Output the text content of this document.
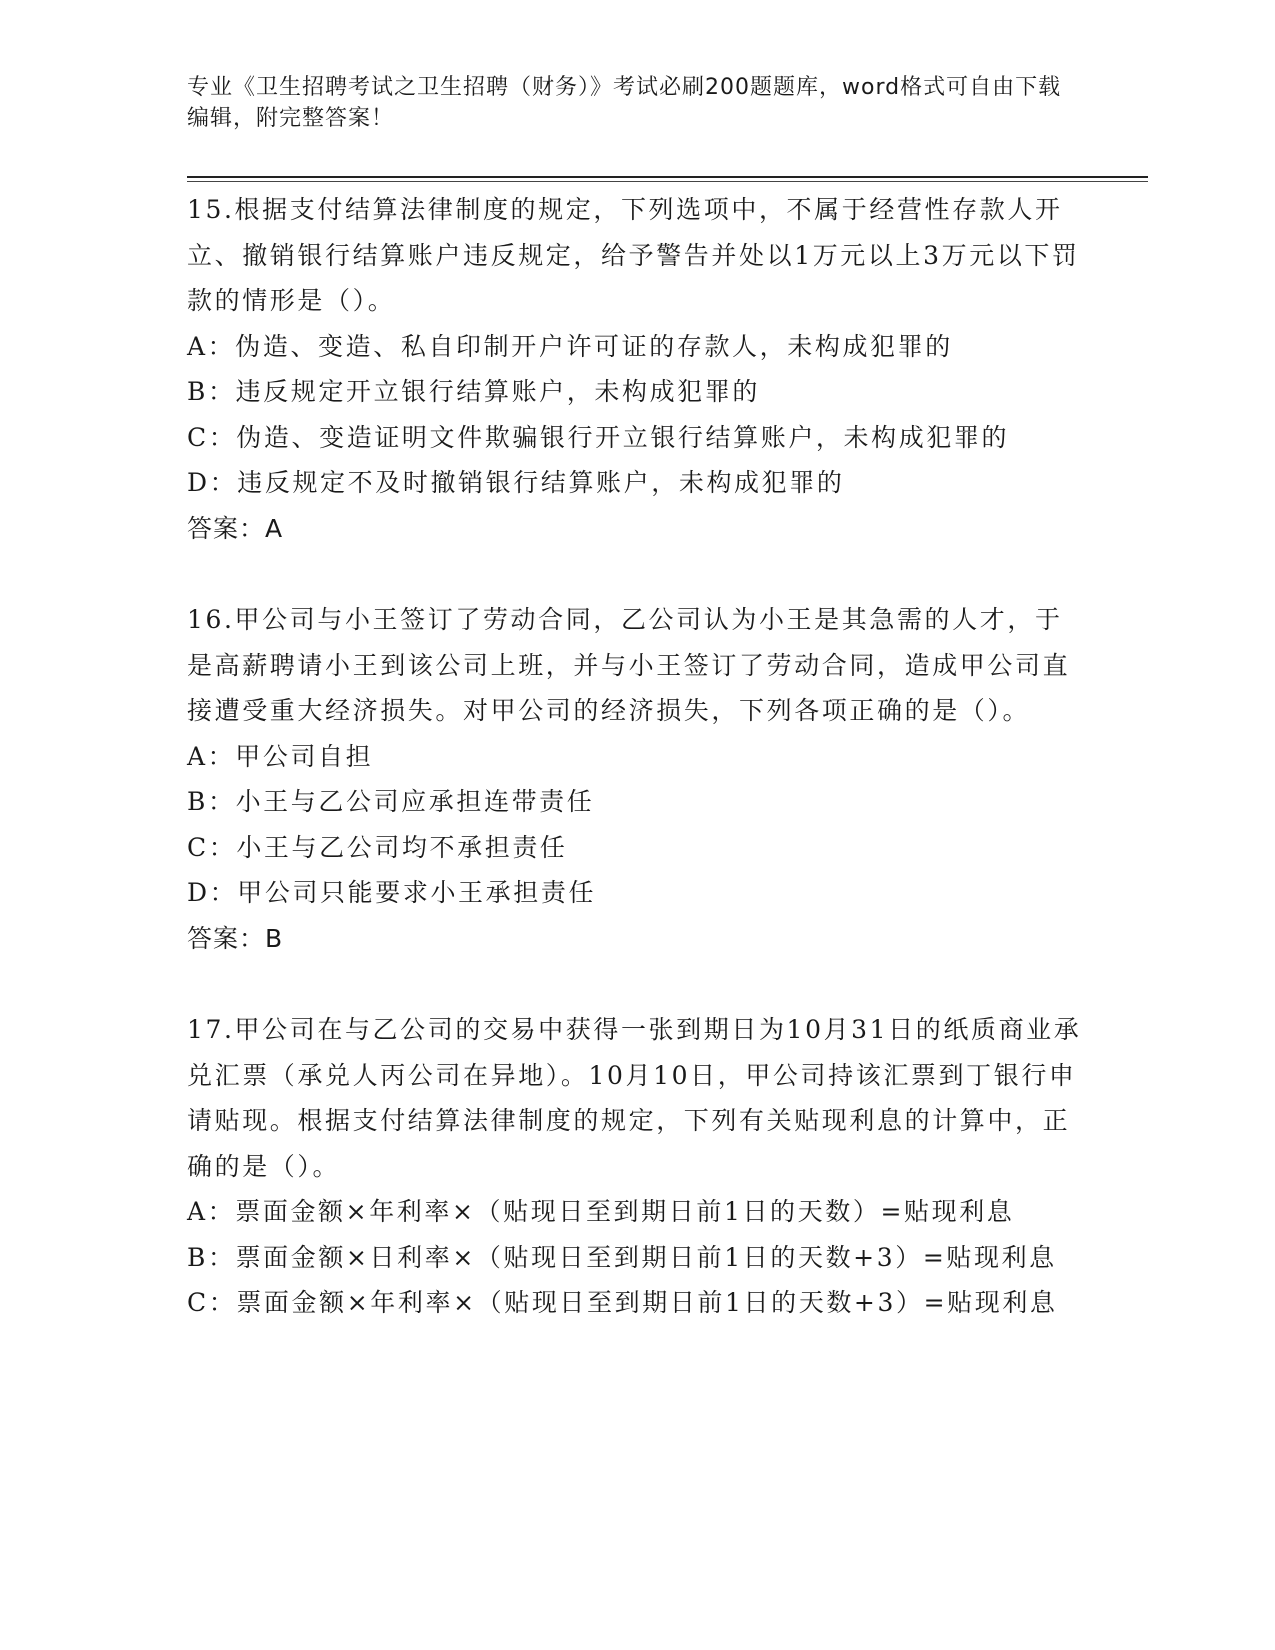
专业《卫生招聘考试之卫生招聘（财务）》考试必刷200题题库，word格式可自由下载编辑，附完整答案！

15.根据支付结算法律制度的规定，下列选项中，不属于经营性存款人开立、撤销银行结算账户违反规定，给予警告并处以1万元以上3万元以下罚款的情形是（）。

A：伪造、变造、私自印制开户许可证的存款人，未构成犯罪的

B：违反规定开立银行结算账户，未构成犯罪的

C：伪造、变造证明文件欺骗银行开立银行结算账户，未构成犯罪的

D：违反规定不及时撤销银行结算账户，未构成犯罪的

答案：A

16.甲公司与小王签订了劳动合同，乙公司认为小王是其急需的人才，于是高薪聘请小王到该公司上班，并与小王签订了劳动合同，造成甲公司直接遭受重大经济损失。对甲公司的经济损失，下列各项正确的是（）。

A：甲公司自担

B：小王与乙公司应承担连带责任

C：小王与乙公司均不承担责任

D：甲公司只能要求小王承担责任

答案：B

17.甲公司在与乙公司的交易中获得一张到期日为10月31日的纸质商业承兑汇票（承兑人丙公司在异地）。10月10日，甲公司持该汇票到丁银行申请贴现。根据支付结算法律制度的规定，下列有关贴现利息的计算中，正确的是（）。

A：票面金额×年利率×（贴现日至到期日前1日的天数）=贴现利息

B：票面金额×日利率×（贴现日至到期日前1日的天数+3）=贴现利息

C：票面金额×年利率×（贴现日至到期日前1日的天数+3）=贴现利息
